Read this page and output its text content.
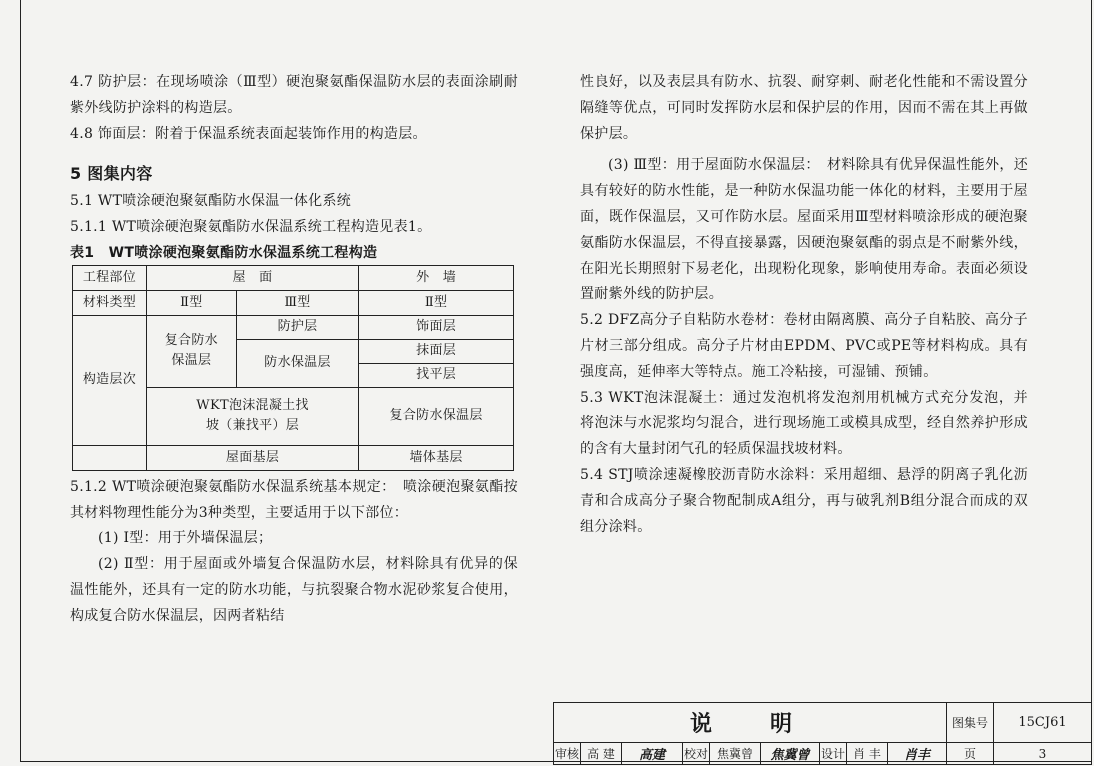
4.7 防护层：在现场喷涂（Ⅲ型）硬泡聚氨酯保温防水层的表面涂刷耐紫外线防护涂料的构造层。

4.8 饰面层：附着于保温系统表面起装饰作用的构造层。

5 图集内容

5.1 WT喷涂硬泡聚氨酯防水保温一体化系统

5.1.1 WT喷涂硬泡聚氨酯防水保温系统工程构造见表1。

表1　WT喷涂硬泡聚氨酯防水保温系统工程构造

工程部位	屋　面		外　墙
材料类型	Ⅱ型	Ⅲ型	Ⅱ型
构造层次	复合防水保温层	防护层	饰面层
		防水保温层	抹面层
			找平层
	WKT泡沫混凝土找坡（兼找平）层		复合防水保温层
	屋面基层		墙体基层

5.1.2 WT喷涂硬泡聚氨酯防水保温系统基本规定：　喷涂硬泡聚氨酯按其材料物理性能分为3种类型，主要适用于以下部位：

(1) Ⅰ型：用于外墙保温层；

(2) Ⅱ型：用于屋面或外墙复合保温防水层，材料除具有优异的保温性能外，还具有一定的防水功能，与抗裂聚合物水泥砂浆复合使用，构成复合防水保温层，因两者粘结

性良好，以及表层具有防水、抗裂、耐穿刺、耐老化性能和不需设置分隔缝等优点，可同时发挥防水层和保护层的作用，因而不需在其上再做保护层。

(3) Ⅲ型：用于屋面防水保温层：　材料除具有优异保温性能外，还具有较好的防水性能，是一种防水保温功能一体化的材料，主要用于屋面，既作保温层，又可作防水层。屋面采用Ⅲ型材料喷涂形成的硬泡聚氨酯防水保温层，不得直接暴露，因硬泡聚氨酯的弱点是不耐紫外线，在阳光长期照射下易老化，出现粉化现象，影响使用寿命。表面必须设置耐紫外线的防护层。

5.2 DFZ高分子自粘防水卷材：卷材由隔离膜、高分子自粘胶、高分子片材三部分组成。高分子片材由EPDM、PVC或PE等材料构成。具有强度高，延伸率大等特点。施工冷粘接，可湿铺、预铺。

5.3 WKT泡沫混凝土：通过发泡机将发泡剂用机械方式充分发泡，并将泡沫与水泥浆均匀混合，进行现场施工或模具成型，经自然养护形成的含有大量封闭气孔的轻质保温找坡材料。

5.4 STJ喷涂速凝橡胶沥青防水涂料：采用超细、悬浮的阴离子乳化沥青和合成高分子聚合物配制成A组分，再与破乳剂B组分混合而成的双组分涂料。

说　明									图集号	15CJ61
审核	高 建	高建	校对	焦冀曾	焦冀曾	设计	肖 丰	肖丰	页	3
